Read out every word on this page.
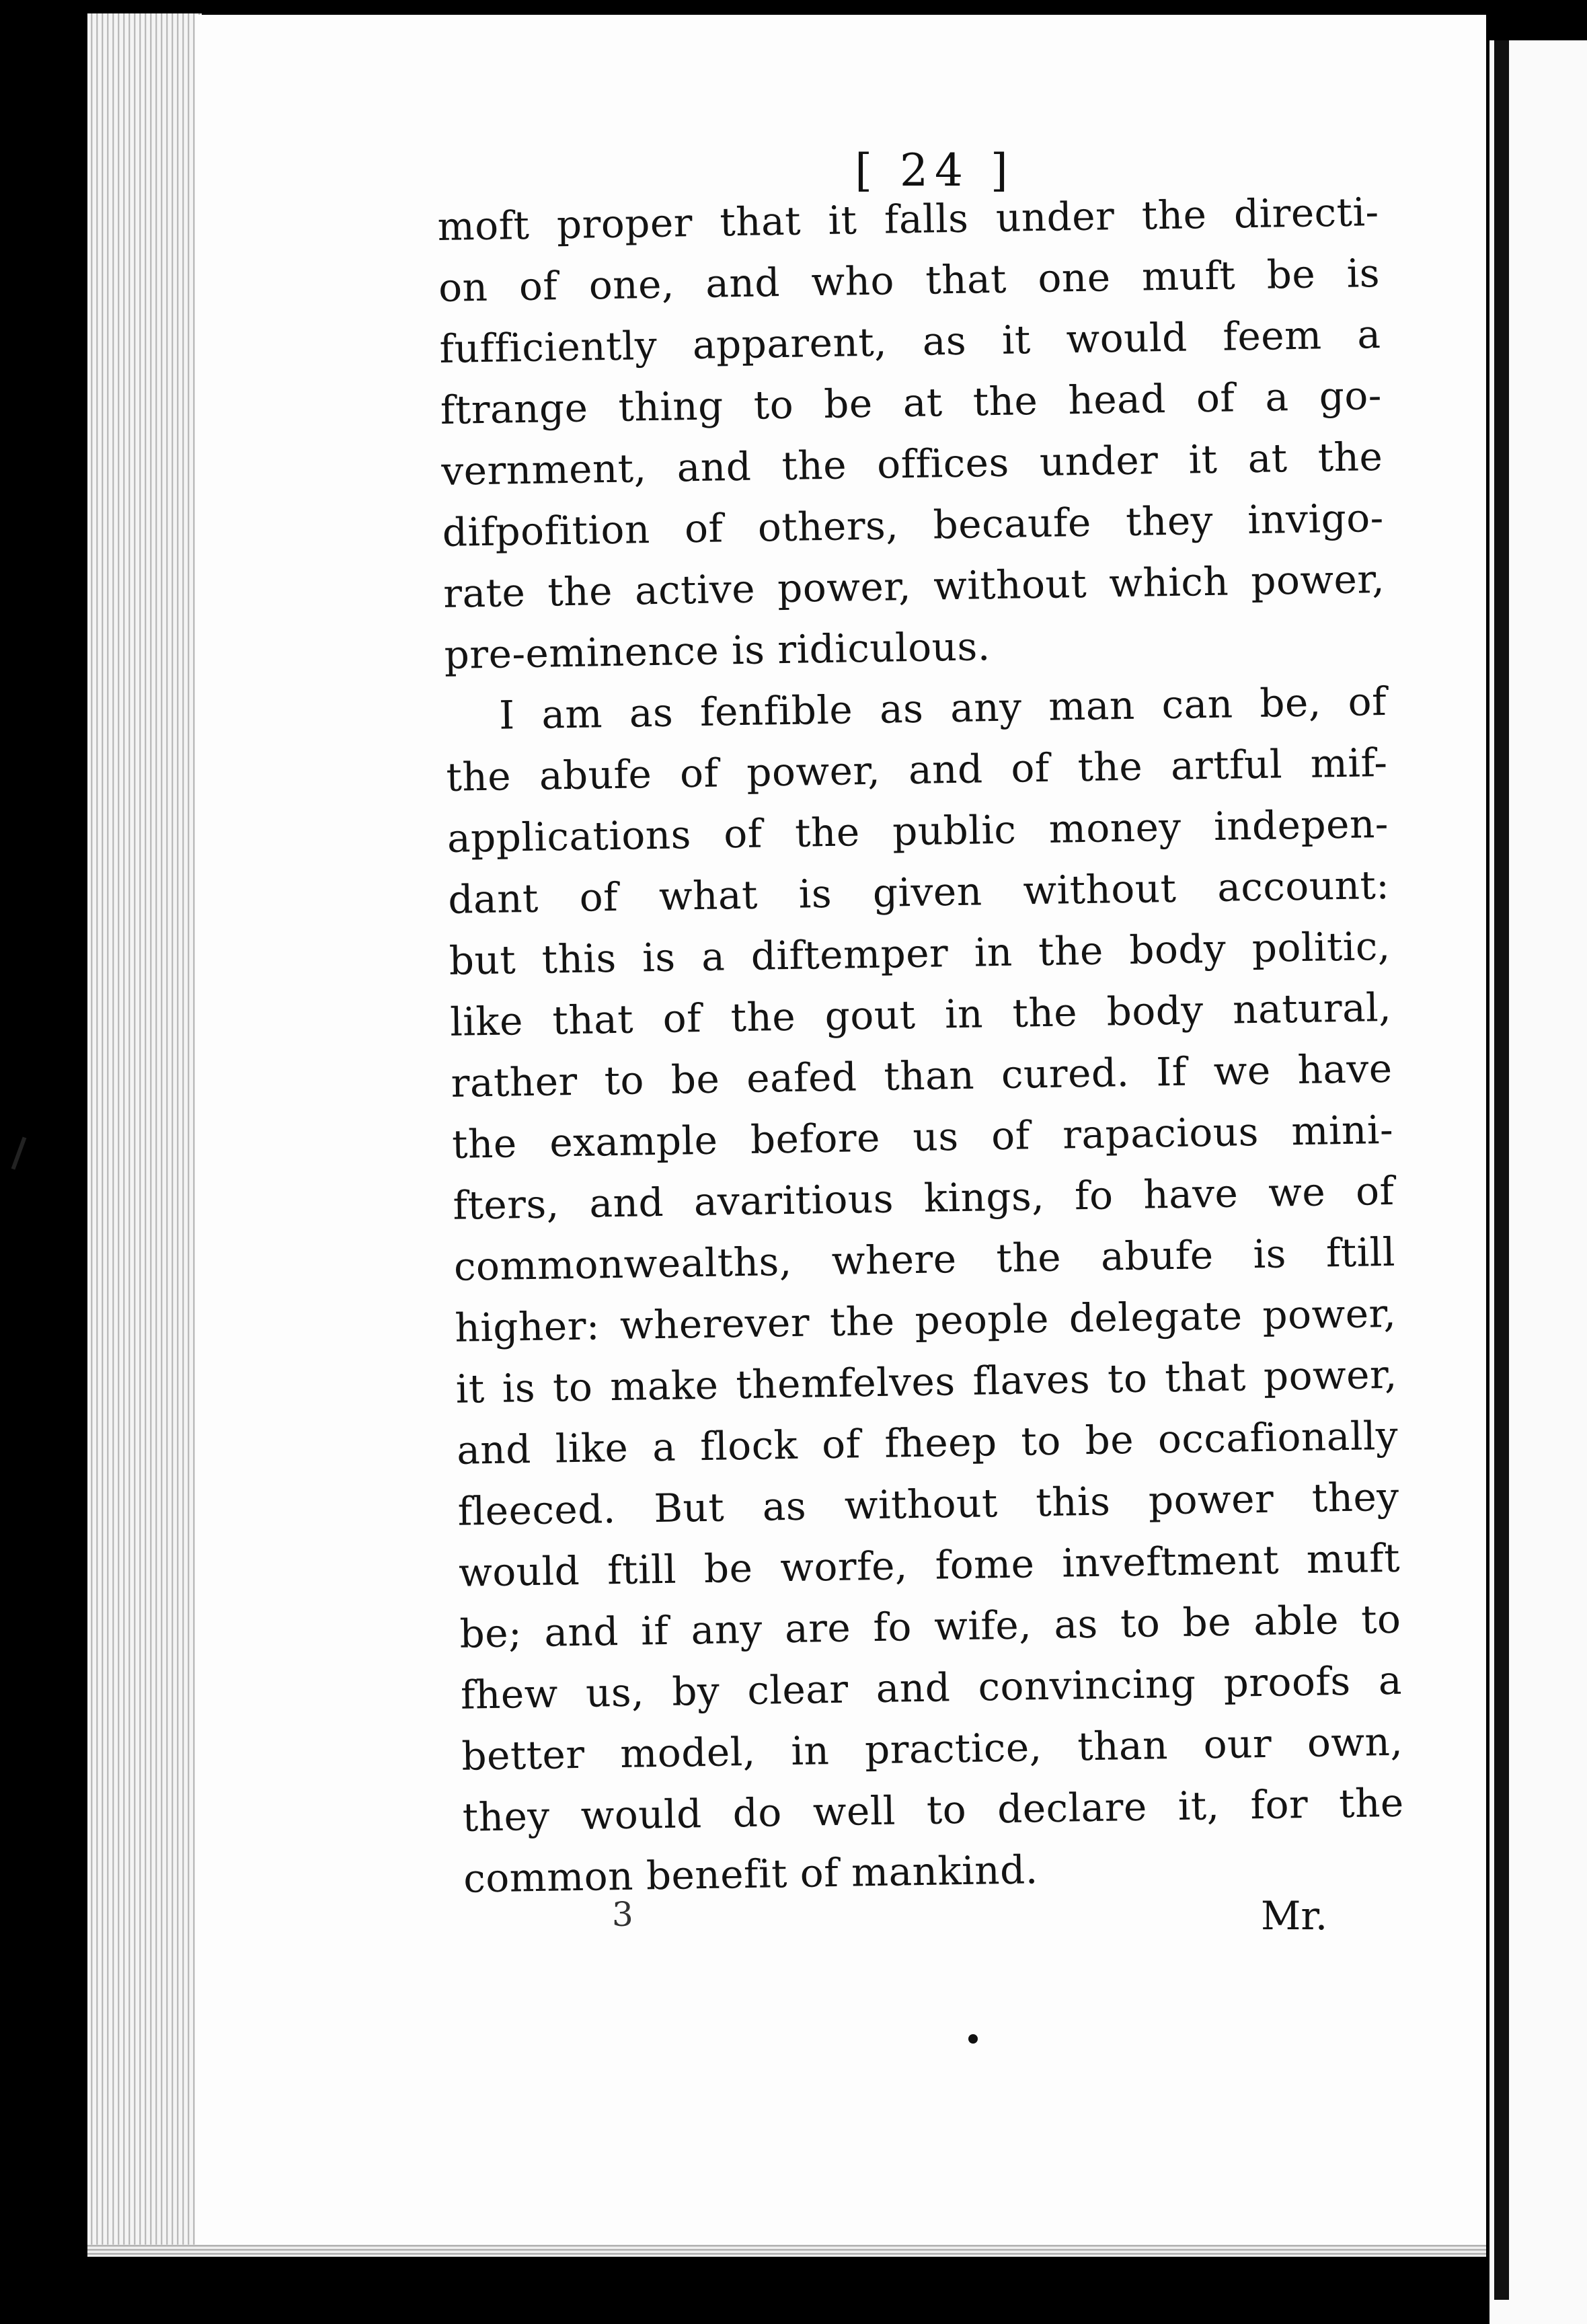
[ 24 ]
moft proper that it falls under the directi-
on of one, and who that one muft be is
fufficiently apparent, as it would feem a
ftrange thing to be at the head of a go-
vernment, and the offices under it at the
difpofition of others, becaufe they invigo-
rate the active power, without which power,
pre-eminence is ridiculous.
I am as fenfible as any man can be, of
the abufe of power, and of the artful mif-
applications of the public money indepen-
dant of what is given without account:
but this is a diftemper in the body politic,
like that of the gout in the body natural,
rather to be eafed than cured. If we have
the example before us of rapacious mini-
fters, and avaritious kings, fo have we of
commonwealths, where the abufe is ftill
higher: wherever the people delegate power,
it is to make themfelves flaves to that power,
and like a flock of fheep to be occafionally
fleeced. But as without this power they
would ftill be worfe, fome inveftment muft
be; and if any are fo wife, as to be able to
fhew us, by clear and convincing proofs a
better model, in practice, than our own,
they would do well to declare it, for the
common benefit of mankind.
3	Mr.
